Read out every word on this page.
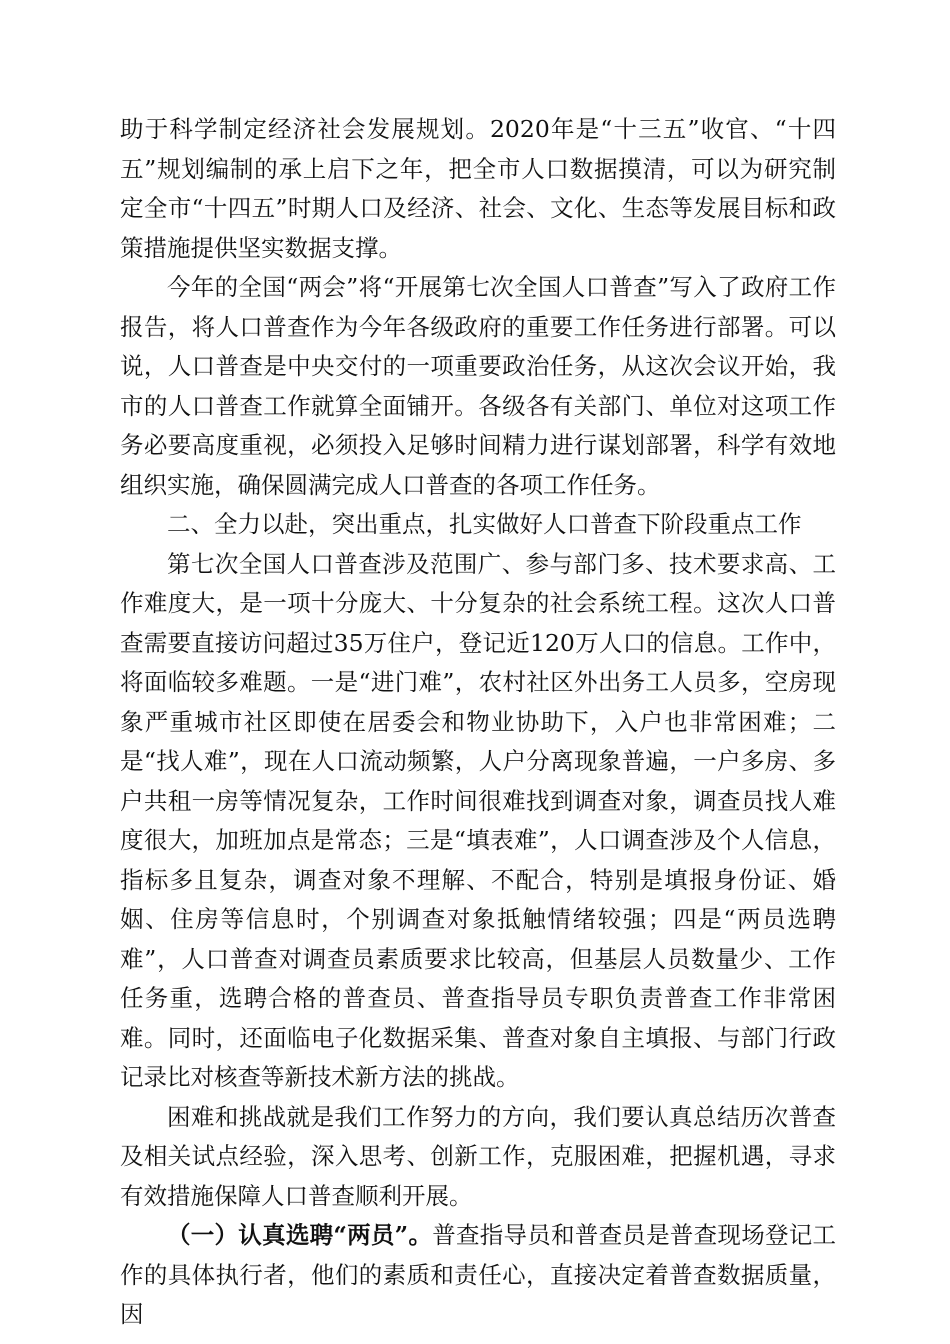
助于科学制定经济社会发展规划。2020年是“十三五”收官、“十四五”规划编制的承上启下之年，把全市人口数据摸清，可以为研究制定全市“十四五”时期人口及经济、社会、文化、生态等发展目标和政策措施提供坚实数据支撑。

今年的全国“两会”将“开展第七次全国人口普查”写入了政府工作报告，将人口普查作为今年各级政府的重要工作任务进行部署。可以说，人口普查是中央交付的一项重要政治任务，从这次会议开始，我市的人口普查工作就算全面铺开。各级各有关部门、单位对这项工作务必要高度重视，必须投入足够时间精力进行谋划部署，科学有效地组织实施，确保圆满完成人口普查的各项工作任务。

二、全力以赴，突出重点，扎实做好人口普查下阶段重点工作

第七次全国人口普查涉及范围广、参与部门多、技术要求高、工作难度大，是一项十分庞大、十分复杂的社会系统工程。这次人口普查需要直接访问超过35万住户，登记近120万人口的信息。工作中，将面临较多难题。一是“进门难”，农村社区外出务工人员多，空房现象严重城市社区即使在居委会和物业协助下，入户也非常困难；二是“找人难”，现在人口流动频繁，人户分离现象普遍，一户多房、多户共租一房等情况复杂，工作时间很难找到调查对象，调查员找人难度很大，加班加点是常态；三是“填表难”，人口调查涉及个人信息，指标多且复杂，调查对象不理解、不配合，特别是填报身份证、婚姻、住房等信息时，个别调查对象抵触情绪较强；四是“两员选聘难”，人口普查对调查员素质要求比较高，但基层人员数量少、工作任务重，选聘合格的普查员、普查指导员专职负责普查工作非常困难。同时，还面临电子化数据采集、普查对象自主填报、与部门行政记录比对核查等新技术新方法的挑战。

困难和挑战就是我们工作努力的方向，我们要认真总结历次普查及相关试点经验，深入思考、创新工作，克服困难，把握机遇，寻求有效措施保障人口普查顺利开展。

（一）认真选聘“两员”。普查指导员和普查员是普查现场登记工作的具体执行者，他们的素质和责任心，直接决定着普查数据质量，因
